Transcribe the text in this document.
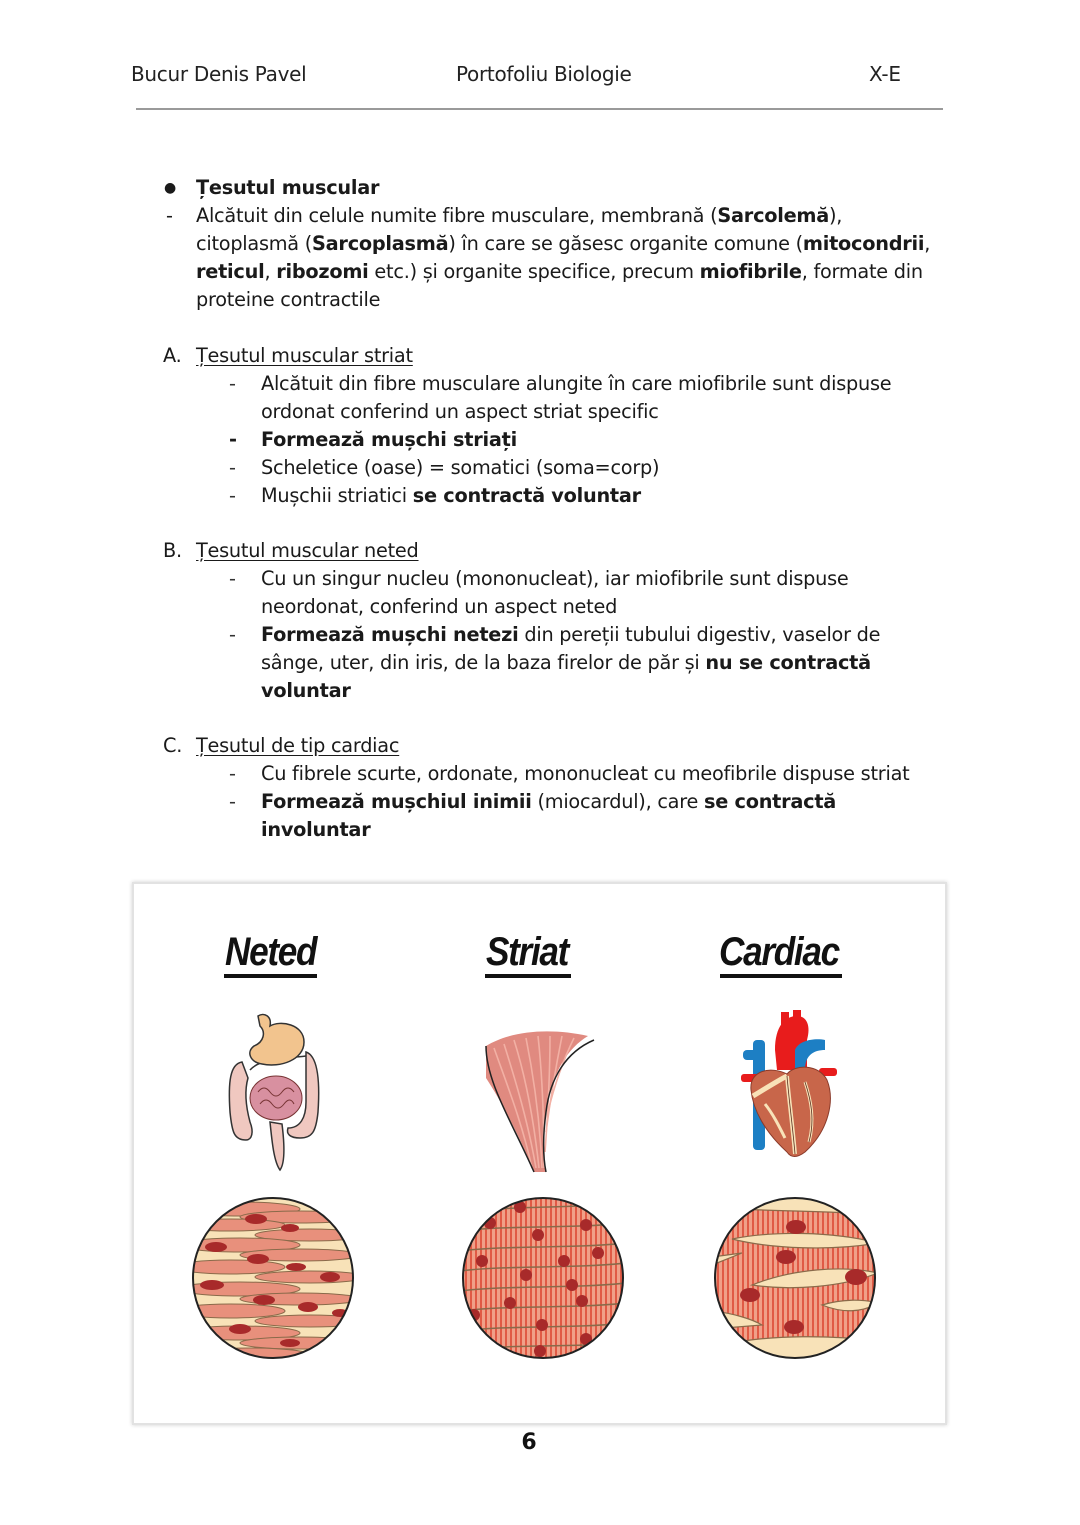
Bucur Denis Pavel	Portofoliu Biologie	X-E
● Țesutul muscular
- Alcătuit din celule numite fibre musculare, membrană (Sarcolemă),
citoplasmă (Sarcoplasmă) în care se găsesc organite comune (mitocondrii,
reticul, ribozomi etc.) și organite specifice, precum miofibrile, formate din
proteine contractile
A. Țesutul muscular striat
- Alcătuit din fibre musculare alungite în care miofibrile sunt dispuse
ordonat conferind un aspect striat specific
- Formează mușchi striați
- Scheletice (oase) = somatici (soma=corp)
- Mușchii striatici se contractă voluntar
B. Țesutul muscular neted
- Cu un singur nucleu (mononucleat), iar miofibrile sunt dispuse
neordonat, conferind un aspect neted
- Formează mușchi netezi din pereții tubului digestiv, vaselor de
sânge, uter, din iris, de la baza firelor de păr și nu se contractă
voluntar
C. Țesutul de tip cardiac
- Cu fibrele scurte, ordonate, mononucleat cu meofibrile dispuse striat
- Formează mușchiul inimii (miocardul), care se contractă
involuntar
Neted	Striat	Cardiac
6
